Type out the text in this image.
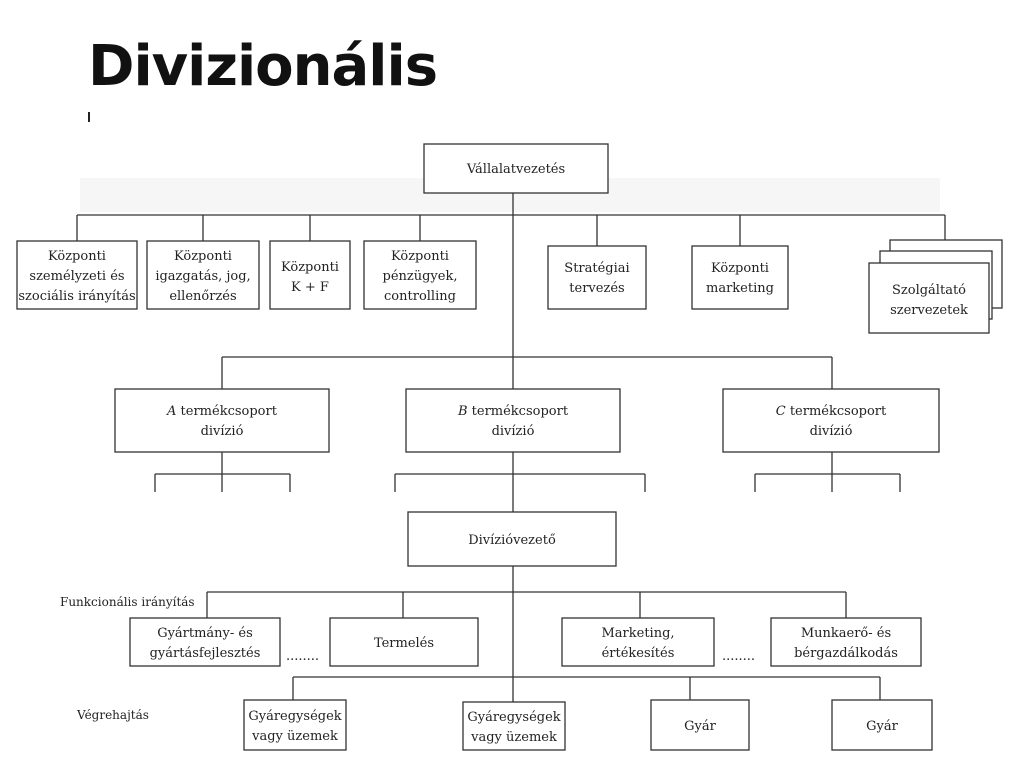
Divizionális
Vállalatvezetés
Központi
személyzeti és
szociális irányítás
Központi
igazgatás, jog,
ellenőrzés
Központi
K + F
Központi
pénzügyek,
controlling
Stratégiai
tervezés
Központi
marketing	Szolgáltató
szervezetek
A termékcsoport
divízió
B termékcsoport
divízió
C termékcsoport
divízió
Divízióvezető
Funkcionális irányítás
Végrehajtás
Gyártmány- és
gyártásfejlesztés ........
Termelés
Marketing,
értékesítés	........
Munkaerő- és
bérgazdálkodás
Gyáregységek
vagy üzemek
Gyáregységek
vagy üzemek
Gyár	Gyár
